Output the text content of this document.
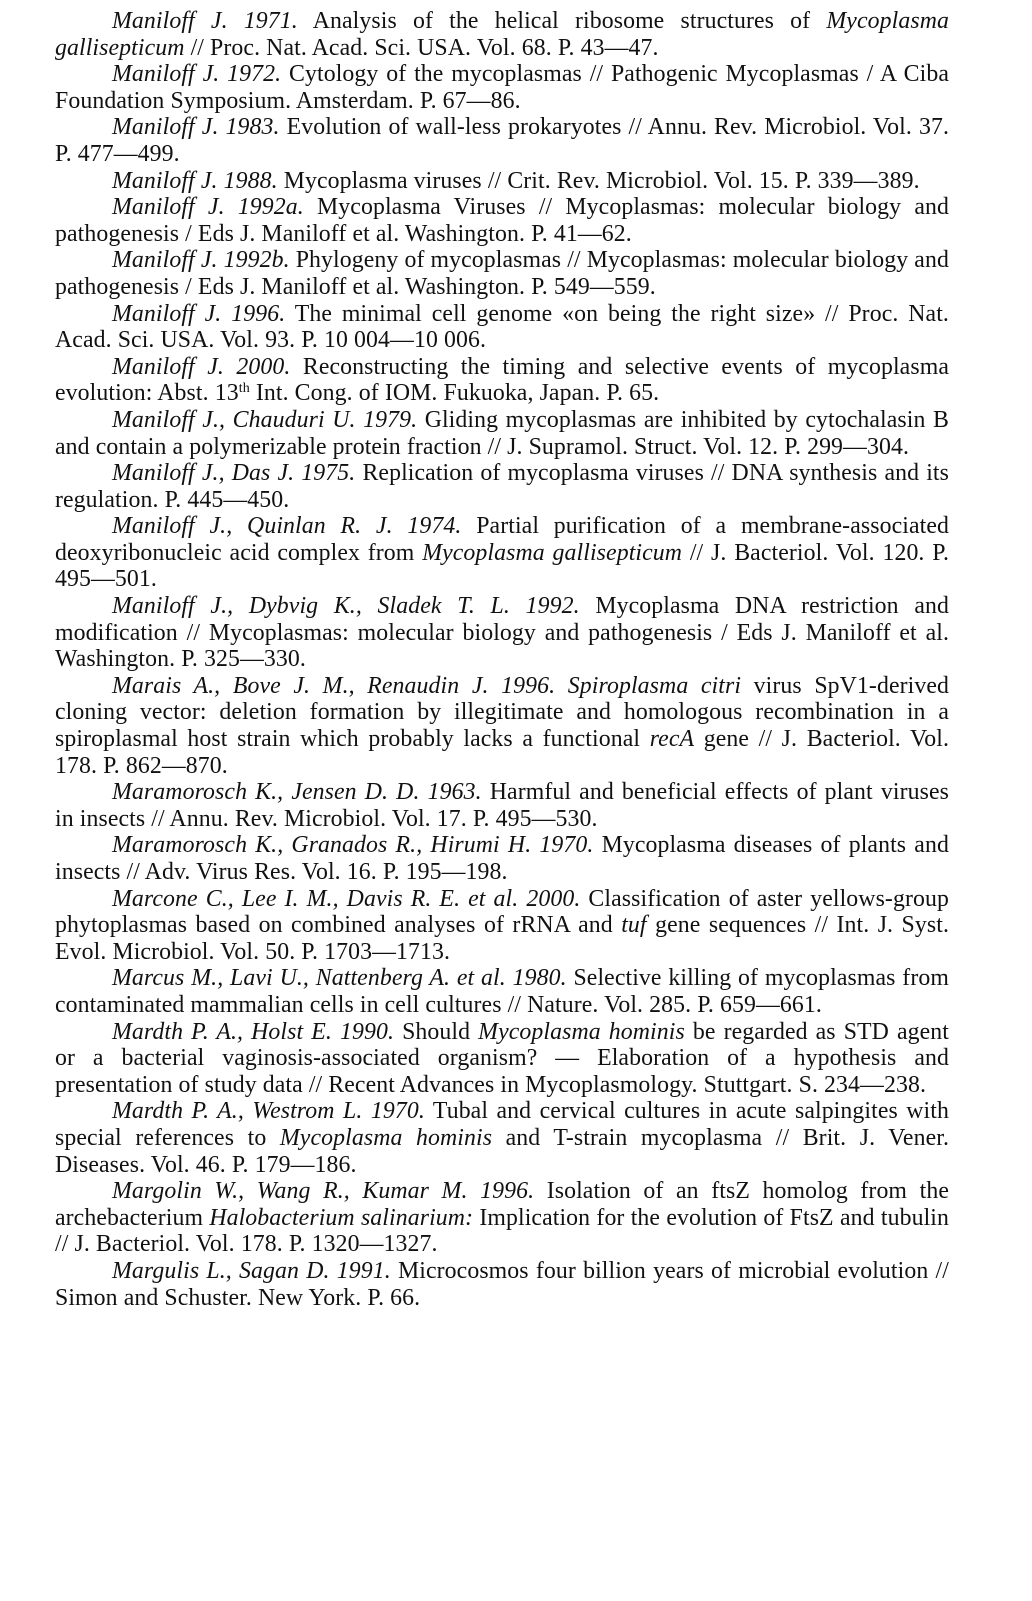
Maniloff J. 1971. Analysis of the helical ribosome structures of Mycoplasma gallisepticum // Proc. Nat. Acad. Sci. USA. Vol. 68. P. 43—47.

Maniloff J. 1972. Cytology of the mycoplasmas // Pathogenic Mycoplasmas / A Ciba Foundation Symposium. Amsterdam. P. 67—86.

Maniloff J. 1983. Evolution of wall-less prokaryotes // Annu. Rev. Microbiol. Vol. 37. P. 477—499.

Maniloff J. 1988. Mycoplasma viruses // Crit. Rev. Microbiol. Vol. 15. P. 339—389.

Maniloff J. 1992a. Mycoplasma Viruses // Mycoplasmas: molecular biology and pathogenesis / Eds J. Maniloff et al. Washington. P. 41—62.

Maniloff J. 1992b. Phylogeny of mycoplasmas // Mycoplasmas: molecular biology and pathogenesis / Eds J. Maniloff et al. Washington. P. 549—559.

Maniloff J. 1996. The minimal cell genome «on being the right size» // Proc. Nat. Acad. Sci. USA. Vol. 93. P. 10 004—10 006.

Maniloff J. 2000. Reconstructing the timing and selective events of mycoplasma evolution: Abst. 13th Int. Cong. of IOM. Fukuoka, Japan. P. 65.

Maniloff J., Chauduri U. 1979. Gliding mycoplasmas are inhibited by cytochalasin B and contain a polymerizable protein fraction // J. Supramol. Struct. Vol. 12. P. 299—304.

Maniloff J., Das J. 1975. Replication of mycoplasma viruses // DNA synthesis and its regulation. P. 445—450.

Maniloff J., Quinlan R. J. 1974. Partial purification of a membrane-associated deoxyribonucleic acid complex from Mycoplasma gallisepticum // J. Bacteriol. Vol. 120. P. 495—501.

Maniloff J., Dybvig K., Sladek T. L. 1992. Mycoplasma DNA restriction and modification // Mycoplasmas: molecular biology and pathogenesis / Eds J. Maniloff et al. Washington. P. 325—330.

Marais A., Bove J. M., Renaudin J. 1996. Spiroplasma citri virus SpV1-derived cloning vector: deletion formation by illegitimate and homologous recombination in a spiroplasmal host strain which probably lacks a functional recA gene // J. Bacteriol. Vol. 178. P. 862—870.

Maramorosch K., Jensen D. D. 1963. Harmful and beneficial effects of plant viruses in insects // Annu. Rev. Microbiol. Vol. 17. P. 495—530.

Maramorosch K., Granados R., Hirumi H. 1970. Mycoplasma diseases of plants and insects // Adv. Virus Res. Vol. 16. P. 195—198.

Marcone C., Lee I. M., Davis R. E. et al. 2000. Classification of aster yellows-group phytoplasmas based on combined analyses of rRNA and tuf gene sequences // Int. J. Syst. Evol. Microbiol. Vol. 50. P. 1703—1713.

Marcus M., Lavi U., Nattenberg A. et al. 1980. Selective killing of mycoplasmas from contaminated mammalian cells in cell cultures // Nature. Vol. 285. P. 659—661.

Mardth P. A., Holst E. 1990. Should Mycoplasma hominis be regarded as STD agent or a bacterial vaginosis-associated organism? — Elaboration of a hypothesis and presentation of study data // Recent Advances in Mycoplasmology. Stuttgart. S. 234—238.

Mardth P. A., Westrom L. 1970. Tubal and cervical cultures in acute salpingites with special references to Mycoplasma hominis and T-strain mycoplasma // Brit. J. Vener. Diseases. Vol. 46. P. 179—186.

Margolin W., Wang R., Kumar M. 1996. Isolation of an ftsZ homolog from the archebacterium Halobacterium salinarium: Implication for the evolution of FtsZ and tubulin // J. Bacteriol. Vol. 178. P. 1320—1327.

Margulis L., Sagan D. 1991. Microcosmos four billion years of microbial evolution // Simon and Schuster. New York. P. 66.
